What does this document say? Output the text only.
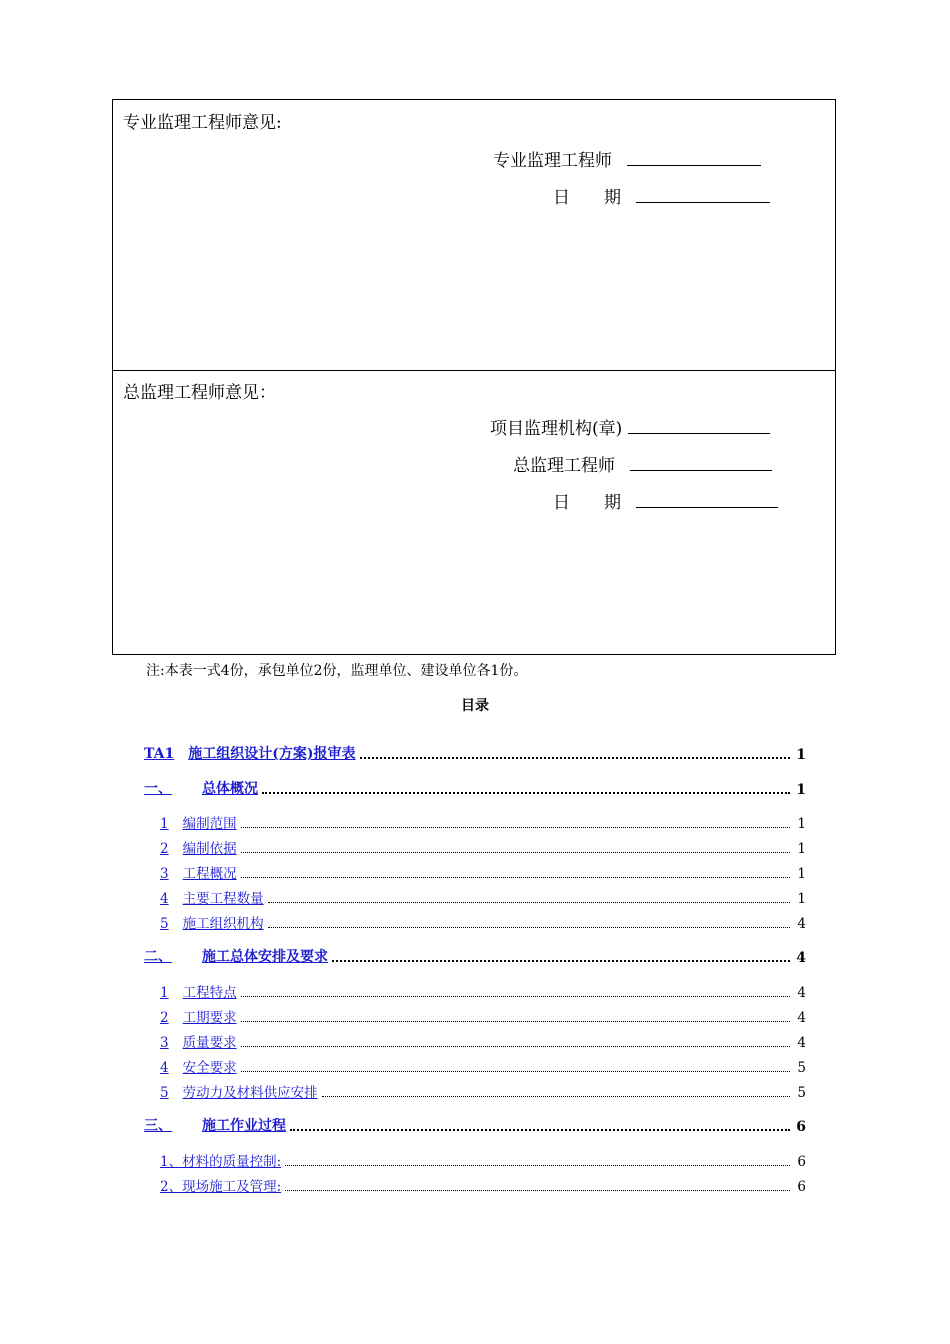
专业监理工程师意见:
专业监理工程师
日　　期
总监理工程师意见：
项目监理机构(章)
总监理工程师
日　　期
注:本表一式4份，承包单位2份，监理单位、建设单位各1份。
目录
TA1 施工组织设计(方案)报审表	1
一、 总体概况	1
1 编制范围	1
2 编制依据	1
3 工程概况	1
4 主要工程数量	1
5 施工组织机构	4
二、 施工总体安排及要求	4
1 工程特点	4
2 工期要求	4
3 质量要求	4
4 安全要求	5
5 劳动力及材料供应安排	5
三、 施工作业过程	6
1、材料的质量控制:	6
2、现场施工及管理:	6
